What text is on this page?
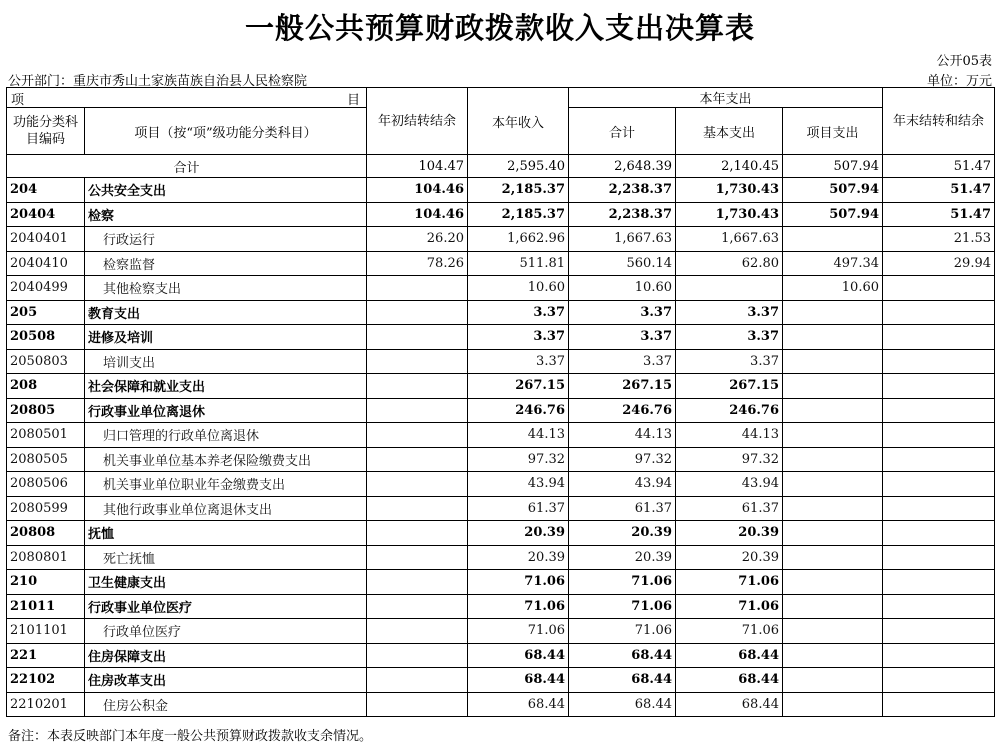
一般公共预算财政拨款收入支出决算表
公开05表
公开部门：重庆市秀山土家族苗族自治县人民检察院	单位：万元
项 目		年初结转结余	本年收入	本年支出			年末结转和结余
功能分类科目编码	项目（按“项”级功能分类科目）			合计	基本支出	项目支出	
合计		104.47	2,595.40	2,648.39	2,140.45	507.94	51.47
204	公共安全支出	104.46	2,185.37	2,238.37	1,730.43	507.94	51.47
20404	检察	104.46	2,185.37	2,238.37	1,730.43	507.94	51.47
2040401	行政运行	26.20	1,662.96	1,667.63	1,667.63		21.53
2040410	检察监督	78.26	511.81	560.14	62.80	497.34	29.94
2040499	其他检察支出		10.60	10.60		10.60	
205	教育支出		3.37	3.37	3.37		
20508	进修及培训		3.37	3.37	3.37		
2050803	培训支出		3.37	3.37	3.37		
208	社会保障和就业支出		267.15	267.15	267.15		
20805	行政事业单位离退休		246.76	246.76	246.76		
2080501	归口管理的行政单位离退休		44.13	44.13	44.13		
2080505	机关事业单位基本养老保险缴费支出		97.32	97.32	97.32		
2080506	机关事业单位职业年金缴费支出		43.94	43.94	43.94		
2080599	其他行政事业单位离退休支出		61.37	61.37	61.37		
20808	抚恤		20.39	20.39	20.39		
2080801	死亡抚恤		20.39	20.39	20.39		
210	卫生健康支出		71.06	71.06	71.06		
21011	行政事业单位医疗		71.06	71.06	71.06		
2101101	行政单位医疗		71.06	71.06	71.06		
221	住房保障支出		68.44	68.44	68.44		
22102	住房改革支出		68.44	68.44	68.44		
2210201	住房公积金		68.44	68.44	68.44		
备注：本表反映部门本年度一般公共预算财政拨款收支余情况。
